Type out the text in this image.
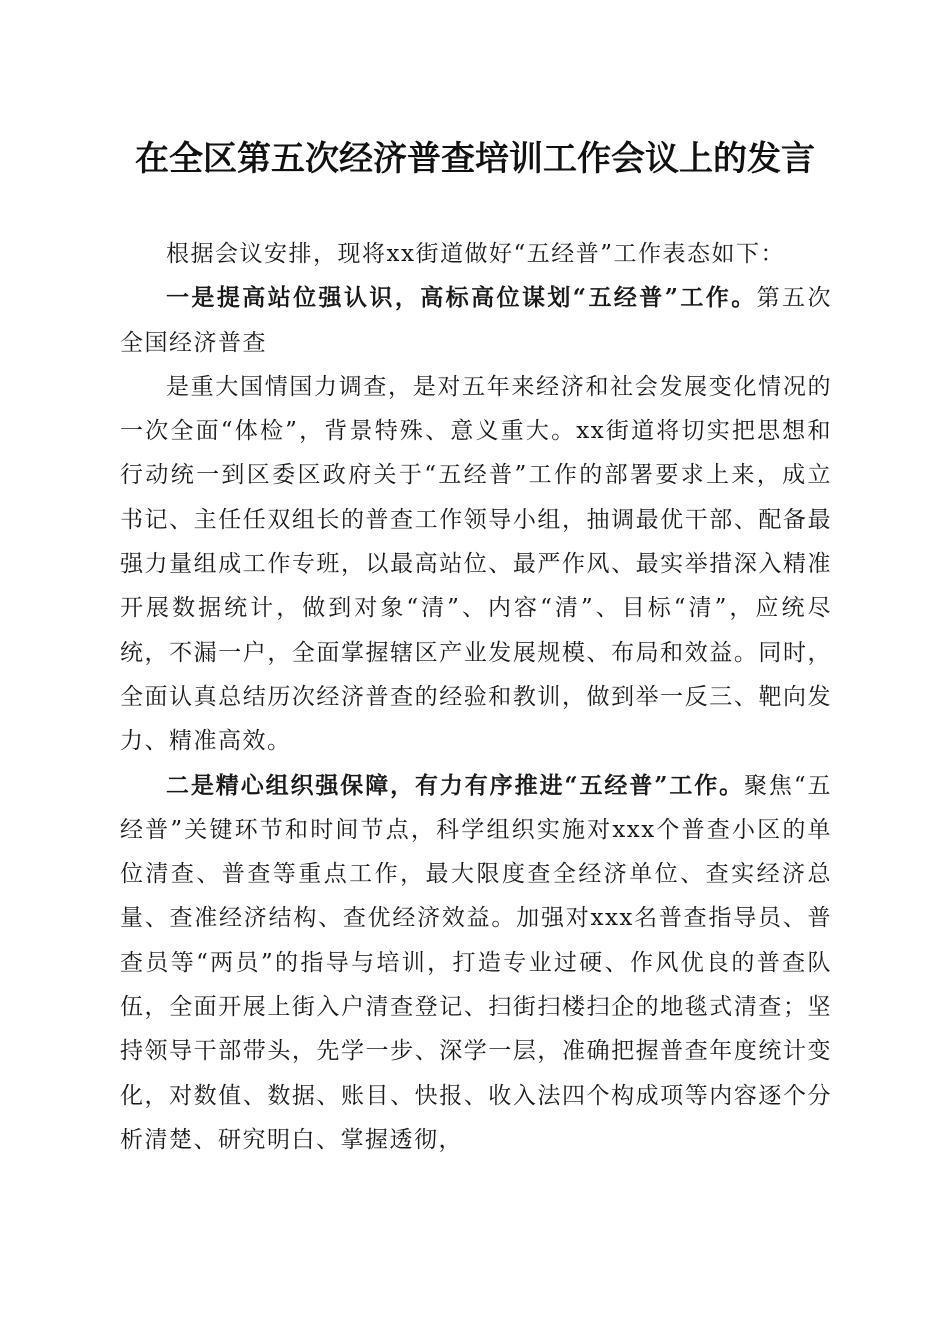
在全区第五次经济普查培训工作会议上的发言

根据会议安排，现将xx街道做好“五经普”工作表态如下：

一是提高站位强认识，高标高位谋划“五经普”工作。第五次全国经济普查

是重大国情国力调查，是对五年来经济和社会发展变化情况的一次全面“体检”，背景特殊、意义重大。xx街道将切实把思想和行动统一到区委区政府关于“五经普”工作的部署要求上来，成立书记、主任任双组长的普查工作领导小组，抽调最优干部、配备最强力量组成工作专班，以最高站位、最严作风、最实举措深入精准开展数据统计，做到对象“清”、内容“清”、目标“清”，应统尽统，不漏一户，全面掌握辖区产业发展规模、布局和效益。同时，全面认真总结历次经济普查的经验和教训，做到举一反三、靶向发力、精准高效。

二是精心组织强保障，有力有序推进“五经普”工作。聚焦“五经普”关键环节和时间节点，科学组织实施对xxx个普查小区的单位清查、普查等重点工作，最大限度查全经济单位、查实经济总量、查准经济结构、查优经济效益。加强对xxx名普查指导员、普查员等“两员”的指导与培训，打造专业过硬、作风优良的普查队伍，全面开展上街入户清查登记、扫街扫楼扫企的地毯式清查；坚持领导干部带头，先学一步、深学一层，准确把握普查年度统计变化，对数值、数据、账目、快报、收入法四个构成项等内容逐个分析清楚、研究明白、掌握透彻，
